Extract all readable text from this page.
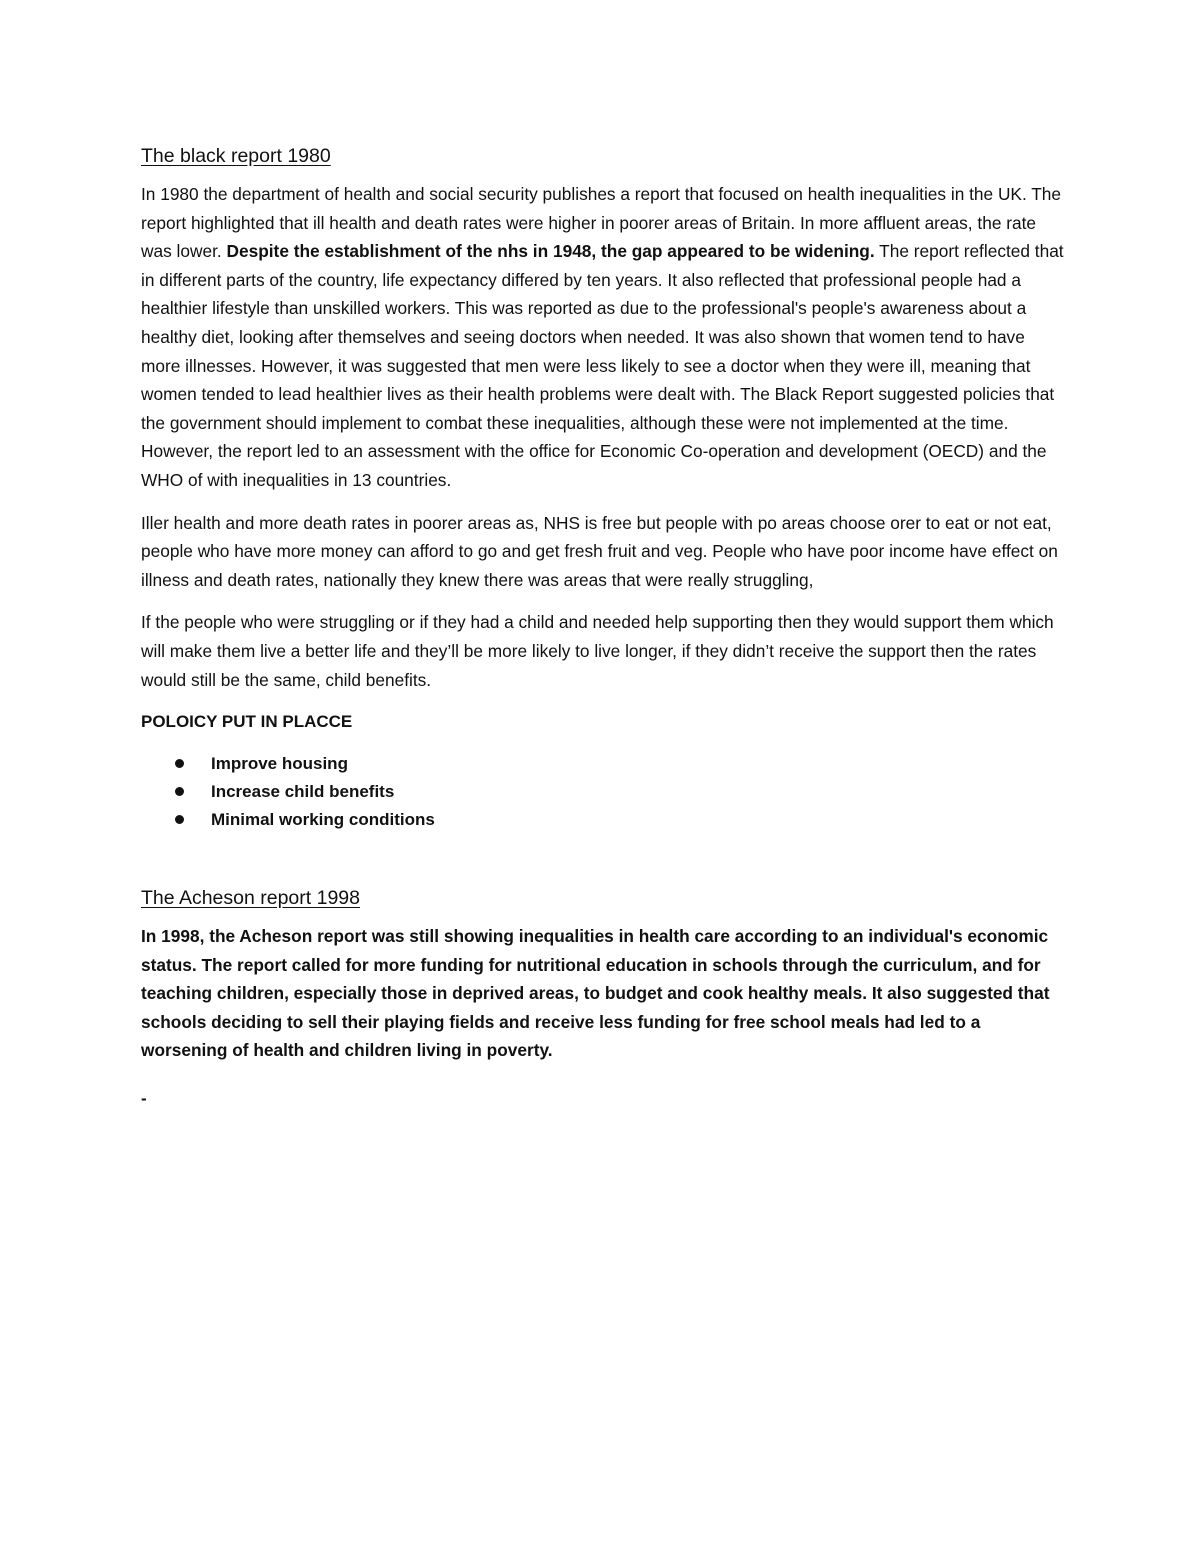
The black report 1980

In 1980 the department of health and social security publishes a report that focused on health inequalities in the UK. The report highlighted that ill health and death rates were higher in poorer areas of Britain. In more affluent areas, the rate was lower. Despite the establishment of the nhs in 1948, the gap appeared to be widening. The report reflected that in different parts of the country, life expectancy differed by ten years. It also reflected that professional people had a healthier lifestyle than unskilled workers. This was reported as due to the professional's people's awareness about a healthy diet, looking after themselves and seeing doctors when needed. It was also shown that women tend to have more illnesses. However, it was suggested that men were less likely to see a doctor when they were ill, meaning that women tended to lead healthier lives as their health problems were dealt with. The Black Report suggested policies that the government should implement to combat these inequalities, although these were not implemented at the time. However, the report led to an assessment with the office for Economic Co-operation and development (OECD) and the WHO of with inequalities in 13 countries.

Iller health and more death rates in poorer areas as, NHS is free but people with po areas choose orer to eat or not eat, people who have more money can afford to go and get fresh fruit and veg. People who have poor income have effect on illness and death rates, nationally they knew there was areas that were really struggling,

If the people who were struggling or if they had a child and needed help supporting then they would support them which will make them live a better life and they’ll be more likely to live longer, if they didn’t receive the support then the rates would still be the same, child benefits.

POLOICY PUT IN PLACCE

Improve housing
Increase child benefits
Minimal working conditions
The Acheson report 1998

In 1998, the Acheson report was still showing inequalities in health care according to an individual's economic status. The report called for more funding for nutritional education in schools through the curriculum, and for teaching children, especially those in deprived areas, to budget and cook healthy meals. It also suggested that schools deciding to sell their playing fields and receive less funding for free school meals had led to a worsening of health and children living in poverty.

-
